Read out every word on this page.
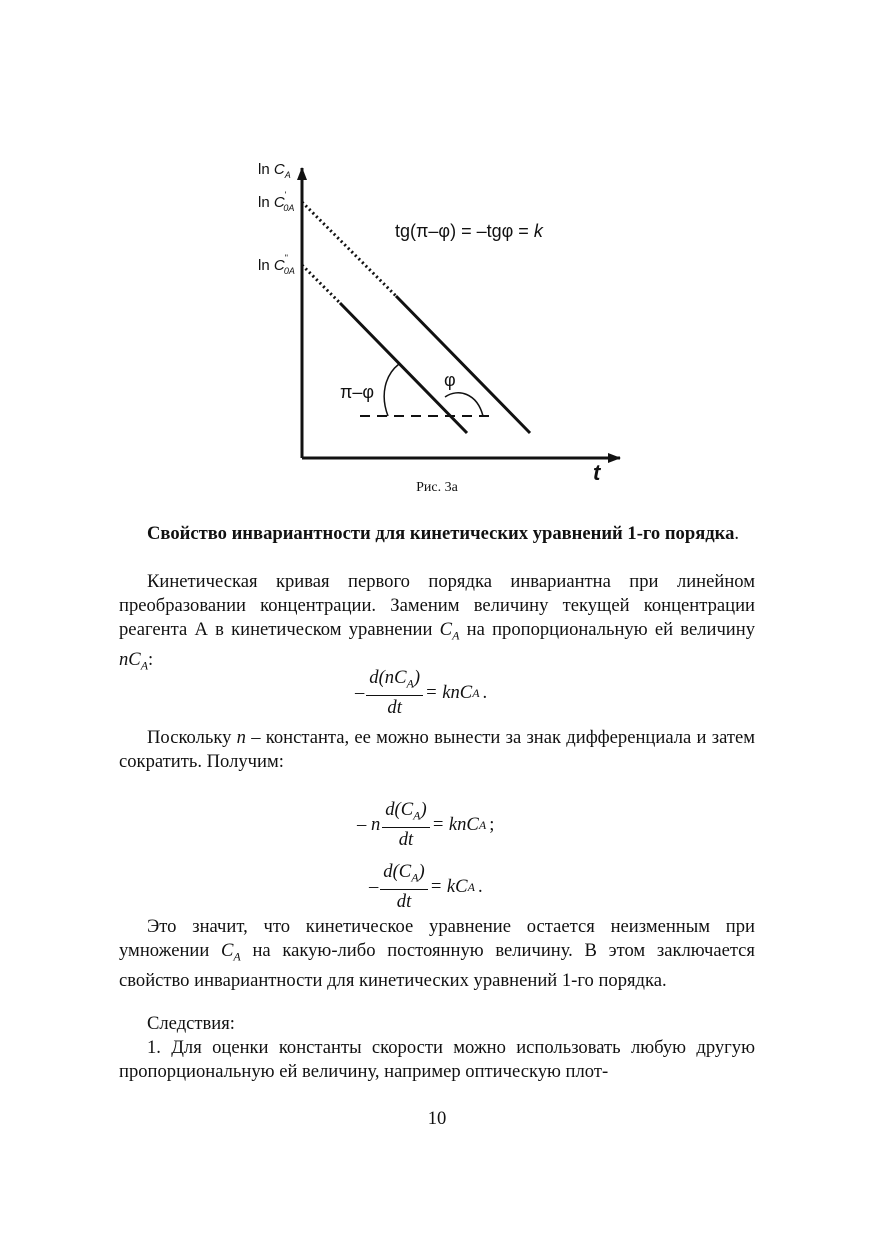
$\ln C_A$
ln C' 0A
ln C" 0A
tg(π–φ) = –tgφ = k
π–φ
φ
t
Рис. 3а

Свойство инвариантности для кинетических уравнений 1-го порядка.

Кинетическая кривая первого порядка инвариантна при линейном преобразовании концентрации. Заменим величину текущей концентрации реагента А в кинетическом уравнении $C_A$ на пропорциональную ей величину $nC_A$:

– $\frac{d(nC_A)}{dt}$ = knC A .

Поскольку n – константа, ее можно вынести за знак дифференциала и затем сократить. Получим:

– n $\frac{d(C_A)}{dt}$ = knC A ;
– $\frac{d(C_A)}{dt}$ = kC A .

Это значит, что кинетическое уравнение остается неизменным при умножении $C_A$ на какую-либо постоянную величину. В этом заключается свойство инвариантности для кинетических уравнений 1-го порядка.

Следствия:

1. Для оценки константы скорости можно использовать любую другую пропорциональную ей величину, например оптическую плот-

10
